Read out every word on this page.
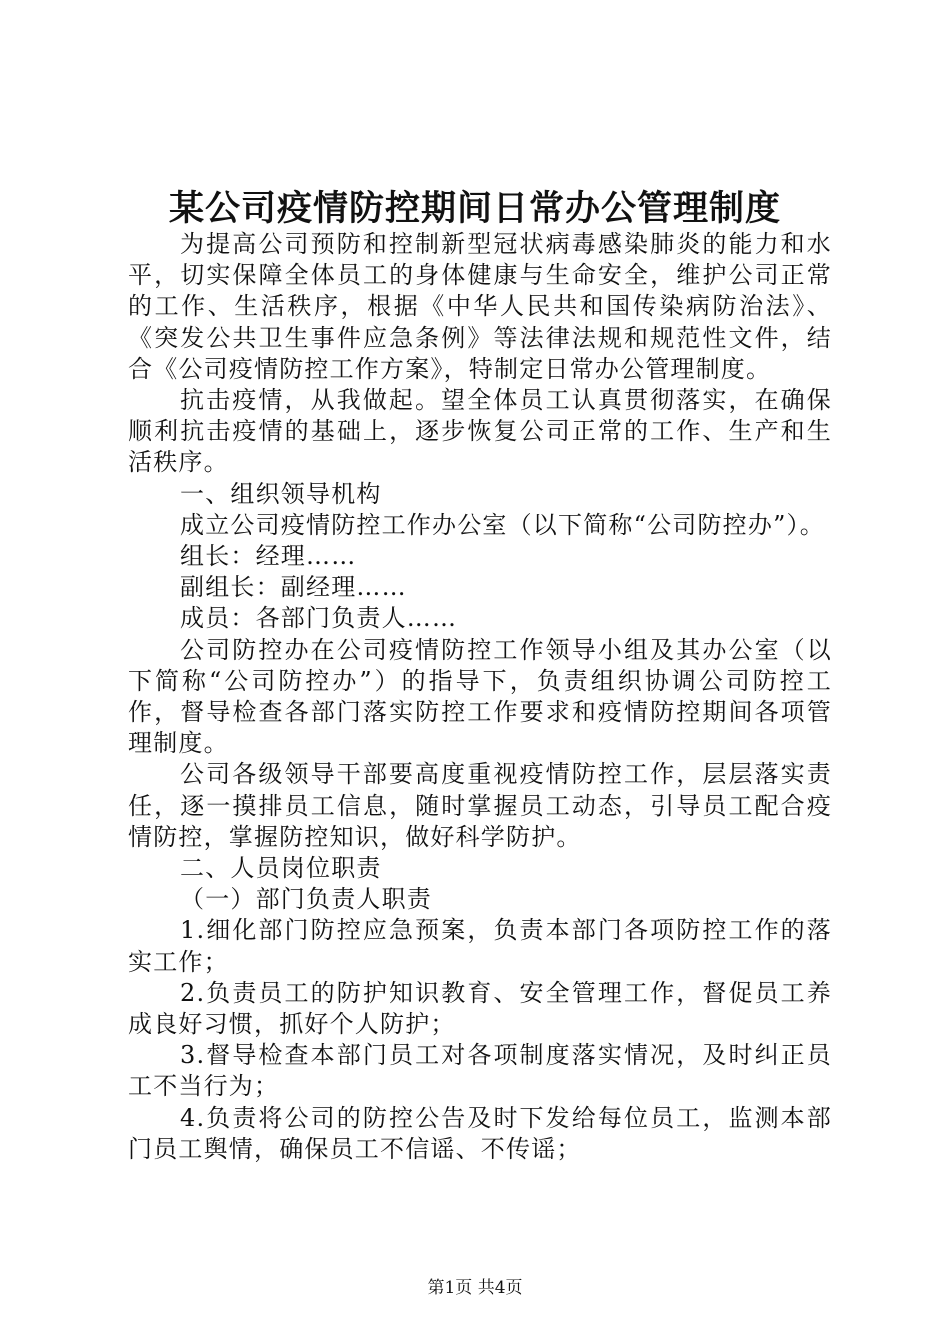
某公司疫情防控期间日常办公管理制度

为提高公司预防和控制新型冠状病毒感染肺炎的能力和水平，切实保障全体员工的身体健康与生命安全，维护公司正常的工作、生活秩序，根据《中华人民共和国传染病防治法》、《突发公共卫生事件应急条例》等法律法规和规范性文件，结合《公司疫情防控工作方案》，特制定日常办公管理制度。

抗击疫情，从我做起。望全体员工认真贯彻落实，在确保顺利抗击疫情的基础上，逐步恢复公司正常的工作、生产和生活秩序。

一、组织领导机构

成立公司疫情防控工作办公室（以下简称“公司防控办”）。

组长：经理……

副组长：副经理……

成员：各部门负责人……

公司防控办在公司疫情防控工作领导小组及其办公室（以下简称“公司防控办”）的指导下，负责组织协调公司防控工作，督导检查各部门落实防控工作要求和疫情防控期间各项管理制度。

公司各级领导干部要高度重视疫情防控工作，层层落实责任，逐一摸排员工信息，随时掌握员工动态，引导员工配合疫情防控，掌握防控知识，做好科学防护。

二、人员岗位职责

（一）部门负责人职责

1.细化部门防控应急预案，负责本部门各项防控工作的落实工作；

2.负责员工的防护知识教育、安全管理工作，督促员工养成良好习惯，抓好个人防护；

3.督导检查本部门员工对各项制度落实情况，及时纠正员工不当行为；

4.负责将公司的防控公告及时下发给每位员工，监测本部门员工舆情，确保员工不信谣、不传谣；

第1页 共4页
